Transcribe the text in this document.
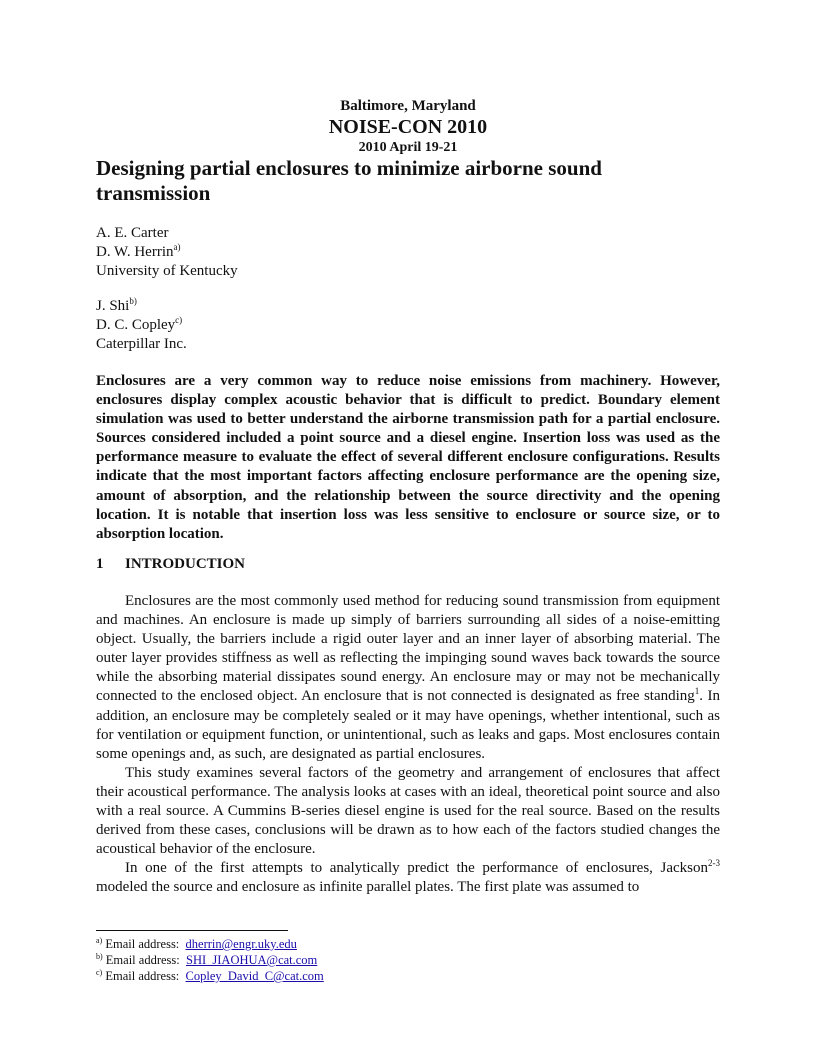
Baltimore, Maryland
NOISE-CON 2010
2010 April 19-21
Designing partial enclosures to minimize airborne sound transmission
A. E. Carter
D. W. Herrin$^{a)}$
University of Kentucky
J. Shi$^{b)}$
D. C. Copley$^{c)}$
Caterpillar Inc.

Enclosures are a very common way to reduce noise emissions from machinery. However, enclosures display complex acoustic behavior that is difficult to predict. Boundary element simulation was used to better understand the airborne transmission path for a partial enclosure. Sources considered included a point source and a diesel engine. Insertion loss was used as the performance measure to evaluate the effect of several different enclosure configurations. Results indicate that the most important factors affecting enclosure performance are the opening size, amount of absorption, and the relationship between the source directivity and the opening location. It is notable that insertion loss was less sensitive to enclosure or source size, or to absorption location.

1 INTRODUCTION

Enclosures are the most commonly used method for reducing sound transmission from equipment and machines. An enclosure is made up simply of barriers surrounding all sides of a noise-emitting object. Usually, the barriers include a rigid outer layer and an inner layer of absorbing material. The outer layer provides stiffness as well as reflecting the impinging sound waves back towards the source while the absorbing material dissipates sound energy. An enclosure may or may not be mechanically connected to the enclosed object. An enclosure that is not connected is designated as free standing$^1$. In addition, an enclosure may be completely sealed or it may have openings, whether intentional, such as for ventilation or equipment function, or unintentional, such as leaks and gaps. Most enclosures contain some openings and, as such, are designated as partial enclosures.

This study examines several factors of the geometry and arrangement of enclosures that affect their acoustical performance. The analysis looks at cases with an ideal, theoretical point source and also with a real source. A Cummins B-series diesel engine is used for the real source. Based on the results derived from these cases, conclusions will be drawn as to how each of the factors studied changes the acoustical behavior of the enclosure.

In one of the first attempts to analytically predict the performance of enclosures, Jackson$^{2-3}$ modeled the source and enclosure as infinite parallel plates. The first plate was assumed to

$^{a)}$ Email address: dherrin@engr.uky.edu
$^{b)}$ Email address: SHI_JIAOHUA@cat.com
$^{c)}$ Email address: Copley_David_C@cat.com
